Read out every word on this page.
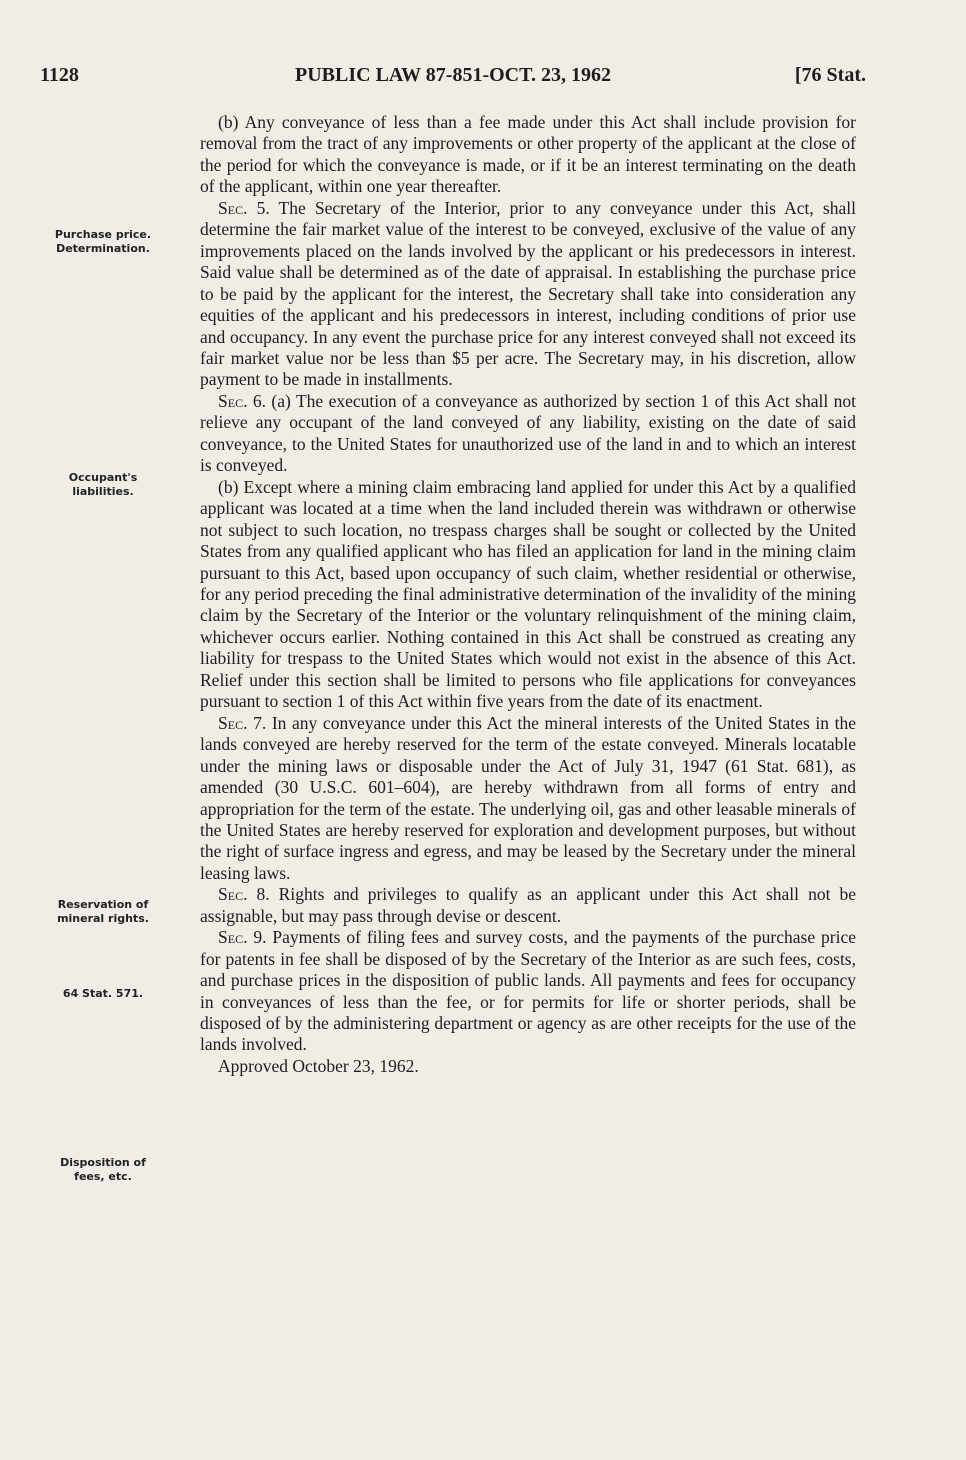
1128	PUBLIC LAW 87-851-OCT. 23, 1962	[76 Stat.
Purchase price.
Determination.
Occupant's
liabilities.
Reservation of
mineral rights.
64 Stat. 571.
Disposition of
fees, etc.

(b) Any conveyance of less than a fee made under this Act shall include provision for removal from the tract of any improvements or other property of the applicant at the close of the period for which the conveyance is made, or if it be an interest terminating on the death of the applicant, within one year thereafter.

Sec. 5. The Secretary of the Interior, prior to any conveyance under this Act, shall determine the fair market value of the interest to be conveyed, exclusive of the value of any improvements placed on the lands involved by the applicant or his predecessors in interest. Said value shall be determined as of the date of appraisal. In establishing the purchase price to be paid by the applicant for the interest, the Secretary shall take into consideration any equities of the applicant and his predecessors in interest, including conditions of prior use and occupancy. In any event the purchase price for any interest conveyed shall not exceed its fair market value nor be less than $5 per acre. The Secretary may, in his discretion, allow payment to be made in installments.

Sec. 6. (a) The execution of a conveyance as authorized by section 1 of this Act shall not relieve any occupant of the land conveyed of any liability, existing on the date of said conveyance, to the United States for unauthorized use of the land in and to which an interest is conveyed.

(b) Except where a mining claim embracing land applied for under this Act by a qualified applicant was located at a time when the land included therein was withdrawn or otherwise not subject to such location, no trespass charges shall be sought or collected by the United States from any qualified applicant who has filed an application for land in the mining claim pursuant to this Act, based upon occupancy of such claim, whether residential or otherwise, for any period preceding the final administrative determination of the invalidity of the mining claim by the Secretary of the Interior or the voluntary relinquishment of the mining claim, whichever occurs earlier. Nothing contained in this Act shall be construed as creating any liability for trespass to the United States which would not exist in the absence of this Act. Relief under this section shall be limited to persons who file applications for conveyances pursuant to section 1 of this Act within five years from the date of its enactment.

Sec. 7. In any conveyance under this Act the mineral interests of the United States in the lands conveyed are hereby reserved for the term of the estate conveyed. Minerals locatable under the mining laws or disposable under the Act of July 31, 1947 (61 Stat. 681), as amended (30 U.S.C. 601–604), are hereby withdrawn from all forms of entry and appropriation for the term of the estate. The underlying oil, gas and other leasable minerals of the United States are hereby reserved for exploration and development purposes, but without the right of surface ingress and egress, and may be leased by the Secretary under the mineral leasing laws.

Sec. 8. Rights and privileges to qualify as an applicant under this Act shall not be assignable, but may pass through devise or descent.

Sec. 9. Payments of filing fees and survey costs, and the payments of the purchase price for patents in fee shall be disposed of by the Secretary of the Interior as are such fees, costs, and purchase prices in the disposition of public lands. All payments and fees for occupancy in conveyances of less than the fee, or for permits for life or shorter periods, shall be disposed of by the administering department or agency as are other receipts for the use of the lands involved.

Approved October 23, 1962.
